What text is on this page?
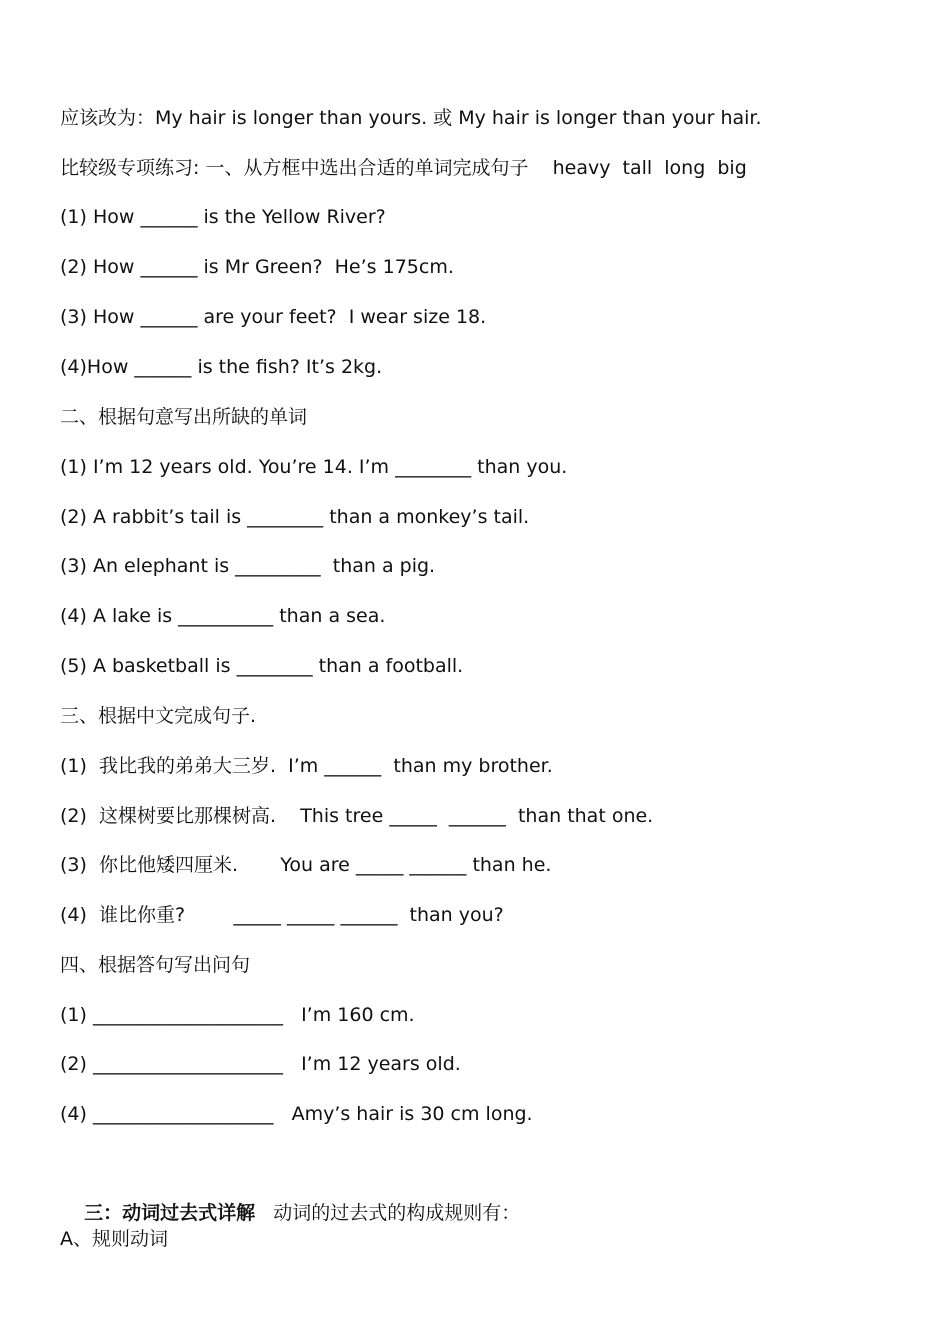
应该改为：My hair is longer than yours. 或 My hair is longer than your hair.
比较级专项练习: 一、从方框中选出合适的单词完成句子    heavy  tall  long  big
(1) How ______ is the Yellow River?
(2) How ______ is Mr Green?  He’s 175cm.
(3) How ______ are your feet?  I wear size 18.
(4)How ______ is the fish? It’s 2kg.
二、根据句意写出所缺的单词
(1) I’m 12 years old. You’re 14. I’m ________ than you.
(2) A rabbit’s tail is ________ than a monkey’s tail.
(3) An elephant is _________  than a pig.
(4) A lake is __________ than a sea.
(5) A basketball is ________ than a football.
三、根据中文完成句子.
(1)  我比我的弟弟大三岁.  I’m ______  than my brother.
(2)  这棵树要比那棵树高.    This tree _____  ______  than that one.
(3)  你比他矮四厘米.       You are _____ ______ than he.
(4)  谁比你重?        _____ _____ ______  than you?
四、根据答句写出问句
(1) ____________________   I’m 160 cm.
(2) ____________________   I’m 12 years old.
(4) ___________________   Amy’s hair is 30 cm long.

三：动词过去式详解   动词的过去式的构成规则有：

A、规则动词
